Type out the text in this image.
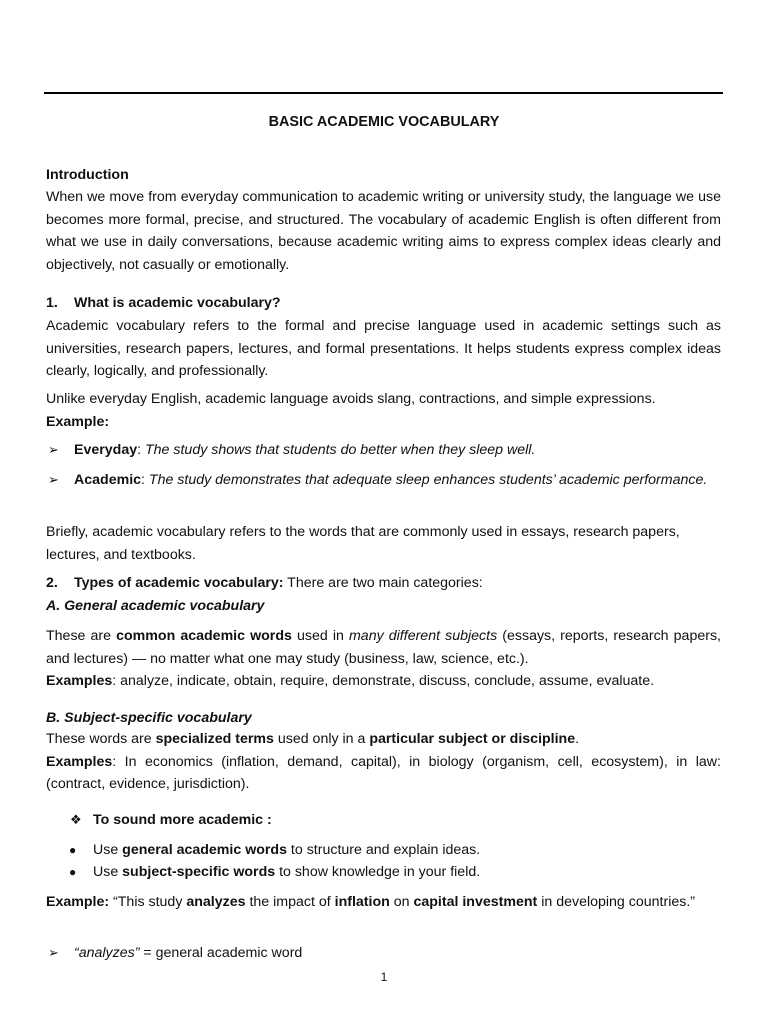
BASIC ACADEMIC VOCABULARY
Introduction
When we move from everyday communication to academic writing or university study, the language we use becomes more formal, precise, and structured. The vocabulary of academic English is often different from what we use in daily conversations, because academic writing aims to express complex ideas clearly and objectively, not casually or emotionally.
1. What is academic vocabulary?
Academic vocabulary refers to the formal and precise language used in academic settings such as universities, research papers, lectures, and formal presentations. It helps students express complex ideas clearly, logically, and professionally.
Unlike everyday English, academic language avoids slang, contractions, and simple expressions.
Example:
➢ Everyday: The study shows that students do better when they sleep well.
➢ Academic: The study demonstrates that adequate sleep enhances students’ academic performance.
Briefly, academic vocabulary refers to the words that are commonly used in essays, research papers, lectures, and textbooks.
2. Types of academic vocabulary: There are two main categories:
A. General academic vocabulary
These are common academic words used in many different subjects (essays, reports, research papers, and lectures) — no matter what one may study (business, law, science, etc.).
Examples: analyze, indicate, obtain, require, demonstrate, discuss, conclude, assume, evaluate.
B. Subject-specific vocabulary
These words are specialized terms used only in a particular subject or discipline.
Examples: In economics (inflation, demand, capital), in biology (organism, cell, ecosystem), in law: (contract, evidence, jurisdiction).
❖ To sound more academic :
● Use general academic words to structure and explain ideas.
● Use subject-specific words to show knowledge in your field.
Example: “This study analyzes the impact of inflation on capital investment in developing countries.”
➢ “analyzes” = general academic word
1
